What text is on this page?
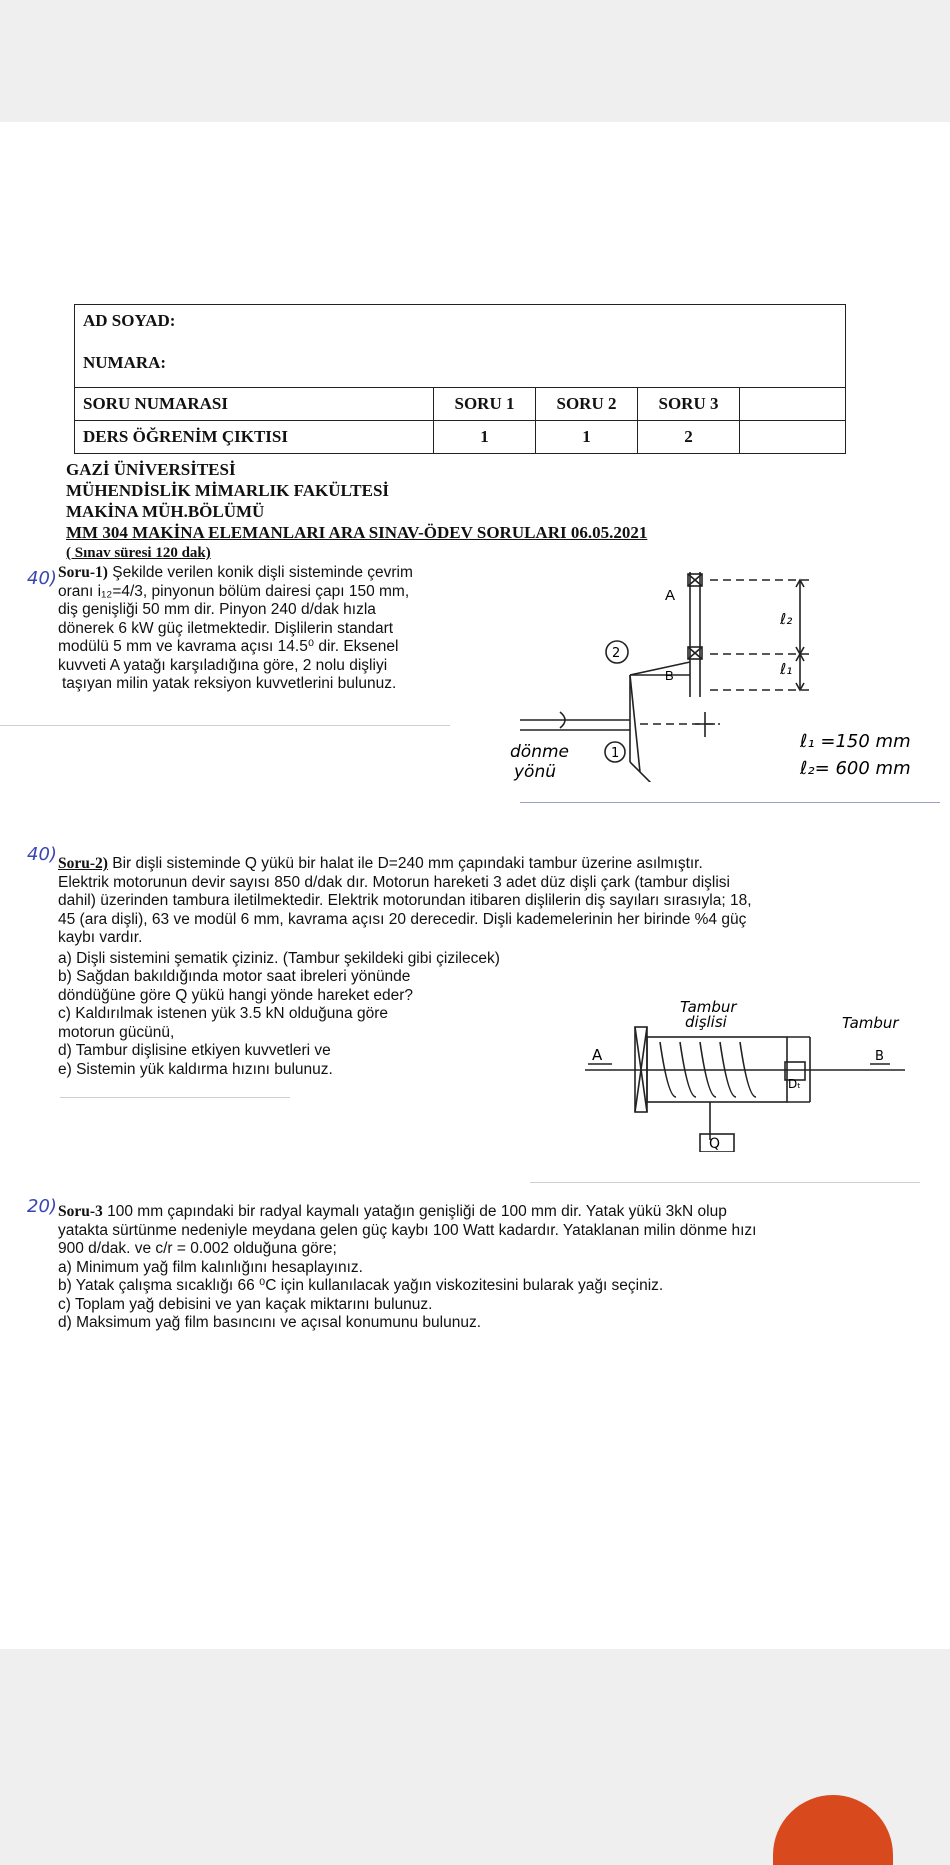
AD SOYAD:
NUMARA:				

SORU NUMARASI	SORU 1	SORU 2	SORU 3	
DERS ÖĞRENİM ÇIKTISI	1	1	2	
GAZİ ÜNİVERSİTESİ
MÜHENDİSLİK MİMARLIK FAKÜLTESİ
MAKİNA MÜH.BÖLÜMÜ
MM 304 MAKİNA ELEMANLARI ARA SINAV-ÖDEV SORULARI 06.05.2021
( Sınav süresi 120 dak)
40) Soru-1) Şekilde verilen konik dişli sisteminde çevrim
oranı i₁₂=4/3, pinyonun bölüm dairesi çapı 150 mm,
diş genişliği 50 mm dir. Pinyon 240 d/dak hızla
dönerek 6 kW güç iletmektedir. Dişlilerin standart
modülü 5 mm ve kavrama açısı 14.5⁰ dir. Eksenel
kuvveti A yatağı karşıladığına göre, 2 nolu dişliyi
taşıyan milin yatak reksiyon kuvvetlerini bulunuz.
A
B
2
1
ℓ₂
ℓ₁
dönme
yönü
ℓ₁ =150 mm
ℓ₂= 600 mm
40) Soru-2) Bir dişli sisteminde Q yükü bir halat ile D=240 mm çapındaki tambur üzerine asılmıştır.
Elektrik motorunun devir sayısı 850 d/dak dır. Motorun hareketi 3 adet düz dişli çark (tambur dişlisi
dahil) üzerinden tambura iletilmektedir. Elektrik motorundan itibaren dişlilerin diş sayıları sırasıyla; 18,
45 (ara dişli), 63 ve modül 6 mm, kavrama açısı 20 derecedir. Dişli kademelerinin her birinde %4 güç
kaybı vardır.
a) Dişli sistemini şematik çiziniz. (Tambur şekildeki gibi çizilecek)
b) Sağdan bakıldığında motor saat ibreleri yönünde
döndüğüne göre Q yükü hangi yönde hareket eder?
c) Kaldırılmak istenen yük 3.5 kN olduğuna göre
motorun gücünü,
d) Tambur dişlisine etkiyen kuvvetleri ve
e) Sistemin yük kaldırma hızını bulunuz.
Tambur
dişlisi	Tambur
A	B
Dₜ
Q
20) Soru-3 100 mm çapındaki bir radyal kaymalı yatağın genişliği de 100 mm dir. Yatak yükü 3kN olup
yatakta sürtünme nedeniyle meydana gelen güç kaybı 100 Watt kadardır. Yataklanan milin dönme hızı
900 d/dak. ve c/r = 0.002 olduğuna göre;
a) Minimum yağ film kalınlığını hesaplayınız.
b) Yatak çalışma sıcaklığı 66 ⁰C için kullanılacak yağın viskozitesini bularak yağı seçiniz.
c) Toplam yağ debisini ve yan kaçak miktarını bulunuz.
d) Maksimum yağ film basıncını ve açısal konumunu bulunuz.
